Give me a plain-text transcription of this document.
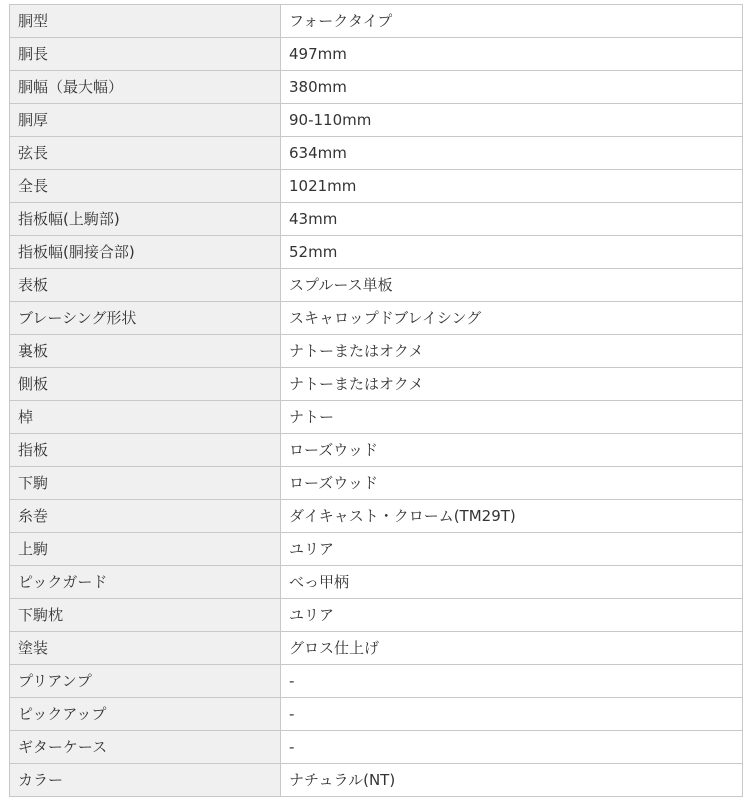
胴型	フォークタイプ
胴長	497mm
胴幅（最大幅）	380mm
胴厚	90-110mm
弦長	634mm
全長	1021mm
指板幅(上駒部)	43mm
指板幅(胴接合部)	52mm
表板	スプルース単板
ブレーシング形状	スキャロップドブレイシング
裏板	ナトーまたはオクメ
側板	ナトーまたはオクメ
棹	ナトー
指板	ローズウッド
下駒	ローズウッド
糸巻	ダイキャスト・クローム(TM29T)
上駒	ユリア
ピックガード	べっ甲柄
下駒枕	ユリア
塗装	グロス仕上げ
プリアンプ	-
ピックアップ	-
ギターケース	-
カラー	ナチュラル(NT)
